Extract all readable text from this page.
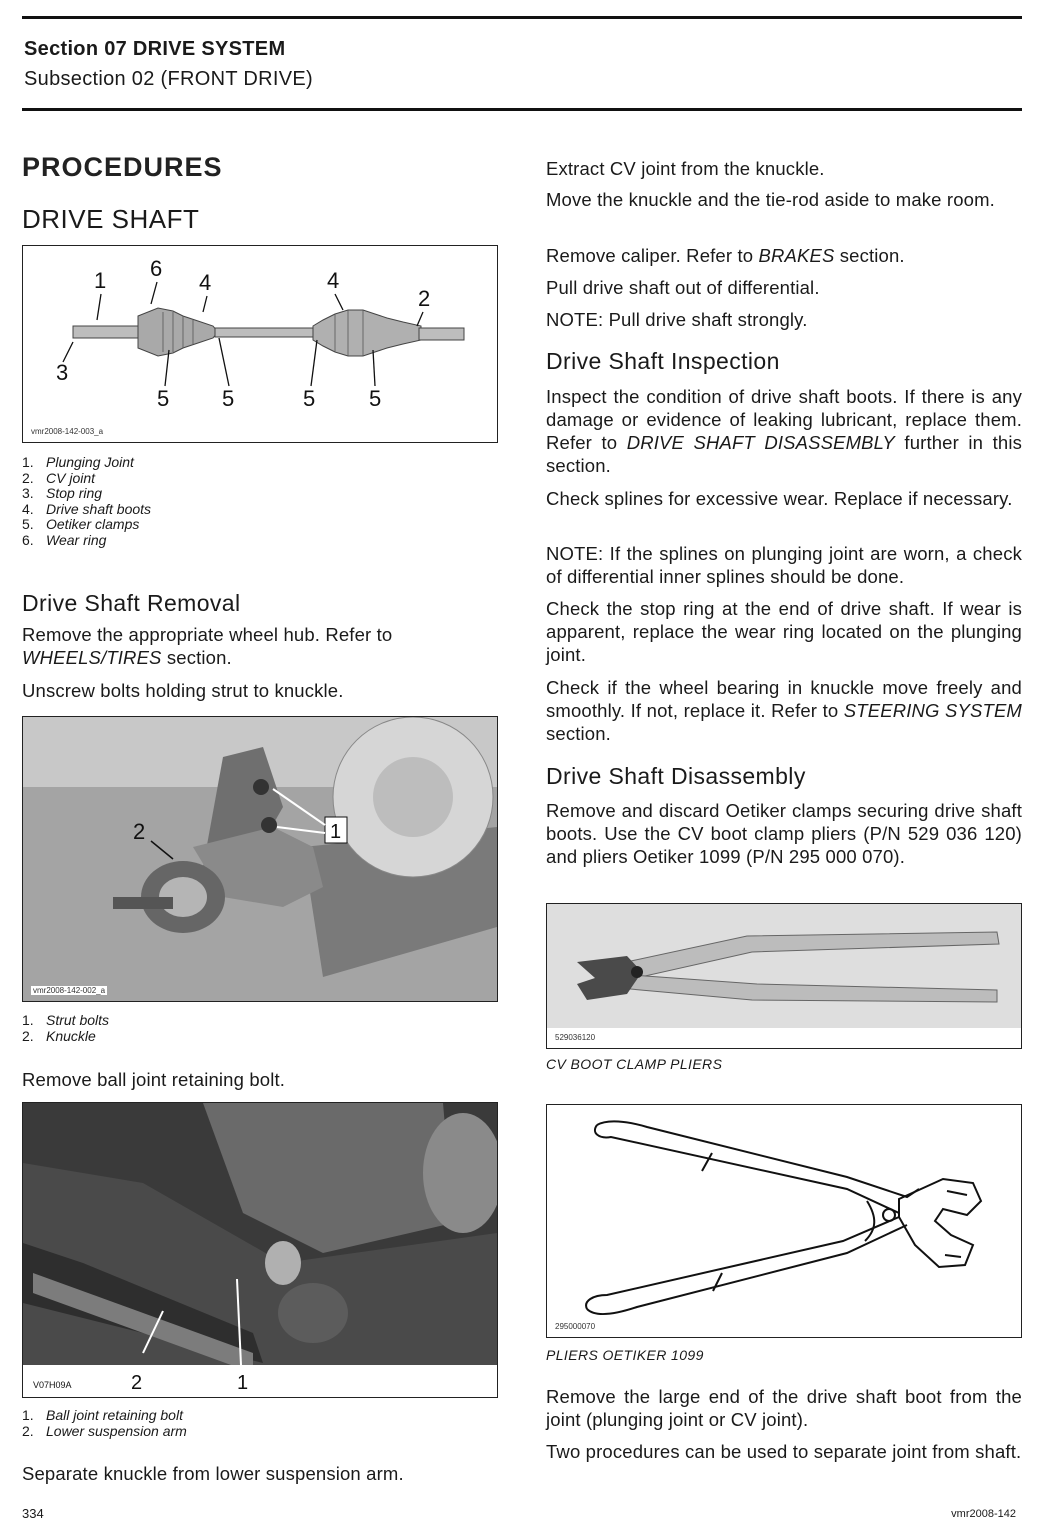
Section 07 DRIVE SYSTEM
Subsection 02 (FRONT DRIVE)
PROCEDURES
DRIVE SHAFT
1 6
4	4
2
3
5 5	5 5
vmr2008-142-003_a
1. Plunging Joint
2. CV joint
3. Stop ring
4. Drive shaft boots
5. Oetiker clamps
6. Wear ring
Drive Shaft Removal
Remove the appropriate wheel hub. Refer to
WHEELS/TIRES section.
Unscrew bolts holding strut to knuckle.
2	1
vmr2008-142-002_a
1. Strut bolts
2. Knuckle
Remove ball joint retaining bolt.
V07H09A	2	1
1. Ball joint retaining bolt
2. Lower suspension arm
Separate knuckle from lower suspension arm.
Extract CV joint from the knuckle.
Move the knuckle and the tie-rod aside to make room.
Remove caliper. Refer to BRAKES section.
Pull drive shaft out of differential.
NOTE: Pull drive shaft strongly.
Drive Shaft Inspection
Inspect the condition of drive shaft boots. If there is any damage or evidence of leaking lubricant, replace them. Refer to DRIVE SHAFT DISASSEMBLY further in this section.
Check splines for excessive wear. Replace if necessary.
NOTE: If the splines on plunging joint are worn, a check of differential inner splines should be done.
Check the stop ring at the end of drive shaft. If wear is apparent, replace the wear ring located on the plunging joint.
Check if the wheel bearing in knuckle move freely and smoothly. If not, replace it. Refer to STEERING SYSTEM section.
Drive Shaft Disassembly
Remove and discard Oetiker clamps securing drive shaft boots. Use the CV boot clamp pliers (P/N 529 036 120) and pliers Oetiker 1099 (P/N 295 000 070).
529036120
CV BOOT CLAMP PLIERS
295000070
PLIERS OETIKER 1099
Remove the large end of the drive shaft boot from the joint (plunging joint or CV joint).
Two procedures can be used to separate joint from shaft.
334	vmr2008-142
